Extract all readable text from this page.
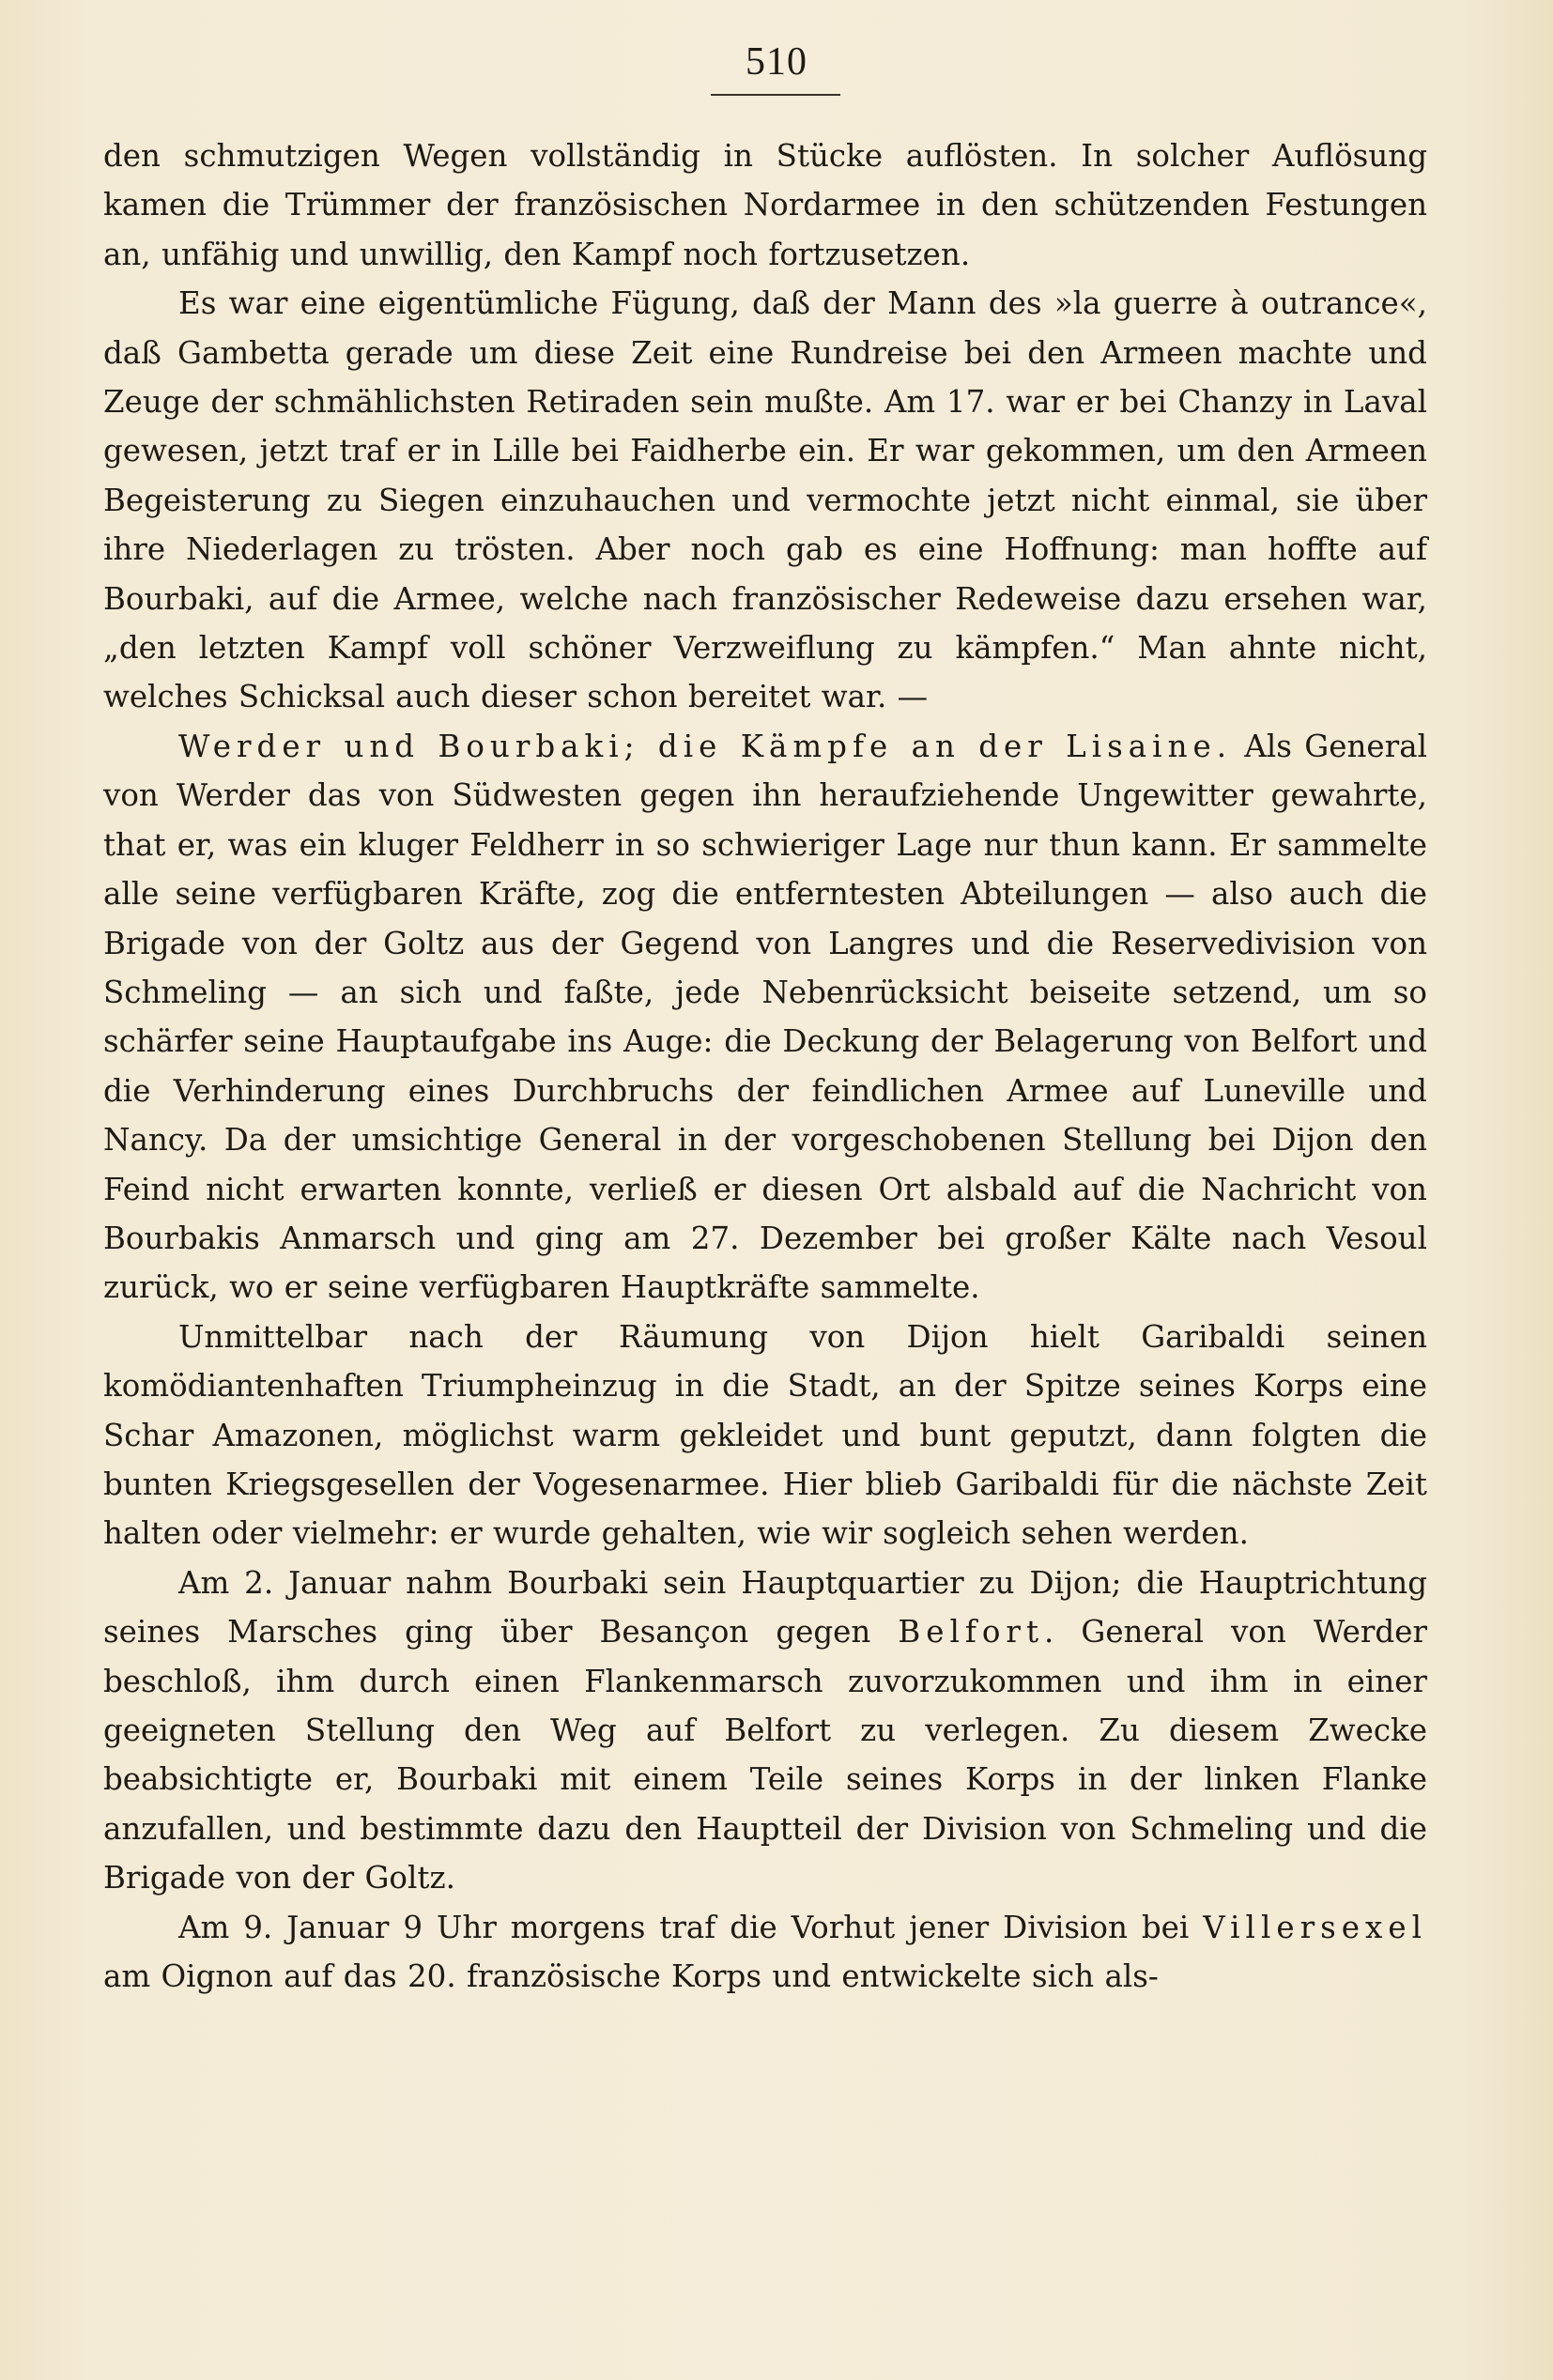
510

den schmutzigen Wegen vollständig in Stücke auflösten. In solcher Auflösung kamen die Trümmer der französischen Nordarmee in den schützenden Festungen an, unfähig und unwillig, den Kampf noch fortzusetzen.

Es war eine eigentümliche Fügung, daß der Mann des »la guerre à outrance«, daß Gambetta gerade um diese Zeit eine Rundreise bei den Armeen machte und Zeuge der schmählichsten Retiraden sein mußte. Am 17. war er bei Chanzy in Laval gewesen, jetzt traf er in Lille bei Faidherbe ein. Er war gekommen, um den Armeen Begeisterung zu Siegen einzuhauchen und vermochte jetzt nicht einmal, sie über ihre Niederlagen zu trösten. Aber noch gab es eine Hoffnung: man hoffte auf Bourbaki, auf die Armee, welche nach französischer Redeweise dazu ersehen war, „den letzten Kampf voll schöner Verzweiflung zu kämpfen.“ Man ahnte nicht, welches Schicksal auch dieser schon bereitet war. —

Werder und Bourbaki; die Kämpfe an der Lisaine. Als General von Werder das von Südwesten gegen ihn heraufziehende Ungewitter gewahrte, that er, was ein kluger Feldherr in so schwieriger Lage nur thun kann. Er sammelte alle seine verfügbaren Kräfte, zog die entferntesten Abteilungen — also auch die Brigade von der Goltz aus der Gegend von Langres und die Reservedivision von Schmeling — an sich und faßte, jede Nebenrücksicht beiseite setzend, um so schärfer seine Hauptaufgabe ins Auge: die Deckung der Belagerung von Belfort und die Verhinderung eines Durchbruchs der feindlichen Armee auf Luneville und Nancy. Da der umsichtige General in der vorgeschobenen Stellung bei Dijon den Feind nicht erwarten konnte, verließ er diesen Ort alsbald auf die Nachricht von Bourbakis Anmarsch und ging am 27. Dezember bei großer Kälte nach Vesoul zurück, wo er seine verfügbaren Hauptkräfte sammelte.

Unmittelbar nach der Räumung von Dijon hielt Garibaldi seinen komödiantenhaften Triumpheinzug in die Stadt, an der Spitze seines Korps eine Schar Amazonen, möglichst warm gekleidet und bunt geputzt, dann folgten die bunten Kriegsgesellen der Vogesenarmee. Hier blieb Garibaldi für die nächste Zeit halten oder vielmehr: er wurde gehalten, wie wir sogleich sehen werden.

Am 2. Januar nahm Bourbaki sein Hauptquartier zu Dijon; die Hauptrichtung seines Marsches ging über Besançon gegen Belfort. General von Werder beschloß, ihm durch einen Flankenmarsch zuvorzukommen und ihm in einer geeigneten Stellung den Weg auf Belfort zu verlegen. Zu diesem Zwecke beabsichtigte er, Bourbaki mit einem Teile seines Korps in der linken Flanke anzufallen, und bestimmte dazu den Hauptteil der Division von Schmeling und die Brigade von der Goltz.

Am 9. Januar 9 Uhr morgens traf die Vorhut jener Division bei Villersexel am Oignon auf das 20. französische Korps und entwickelte sich als-
